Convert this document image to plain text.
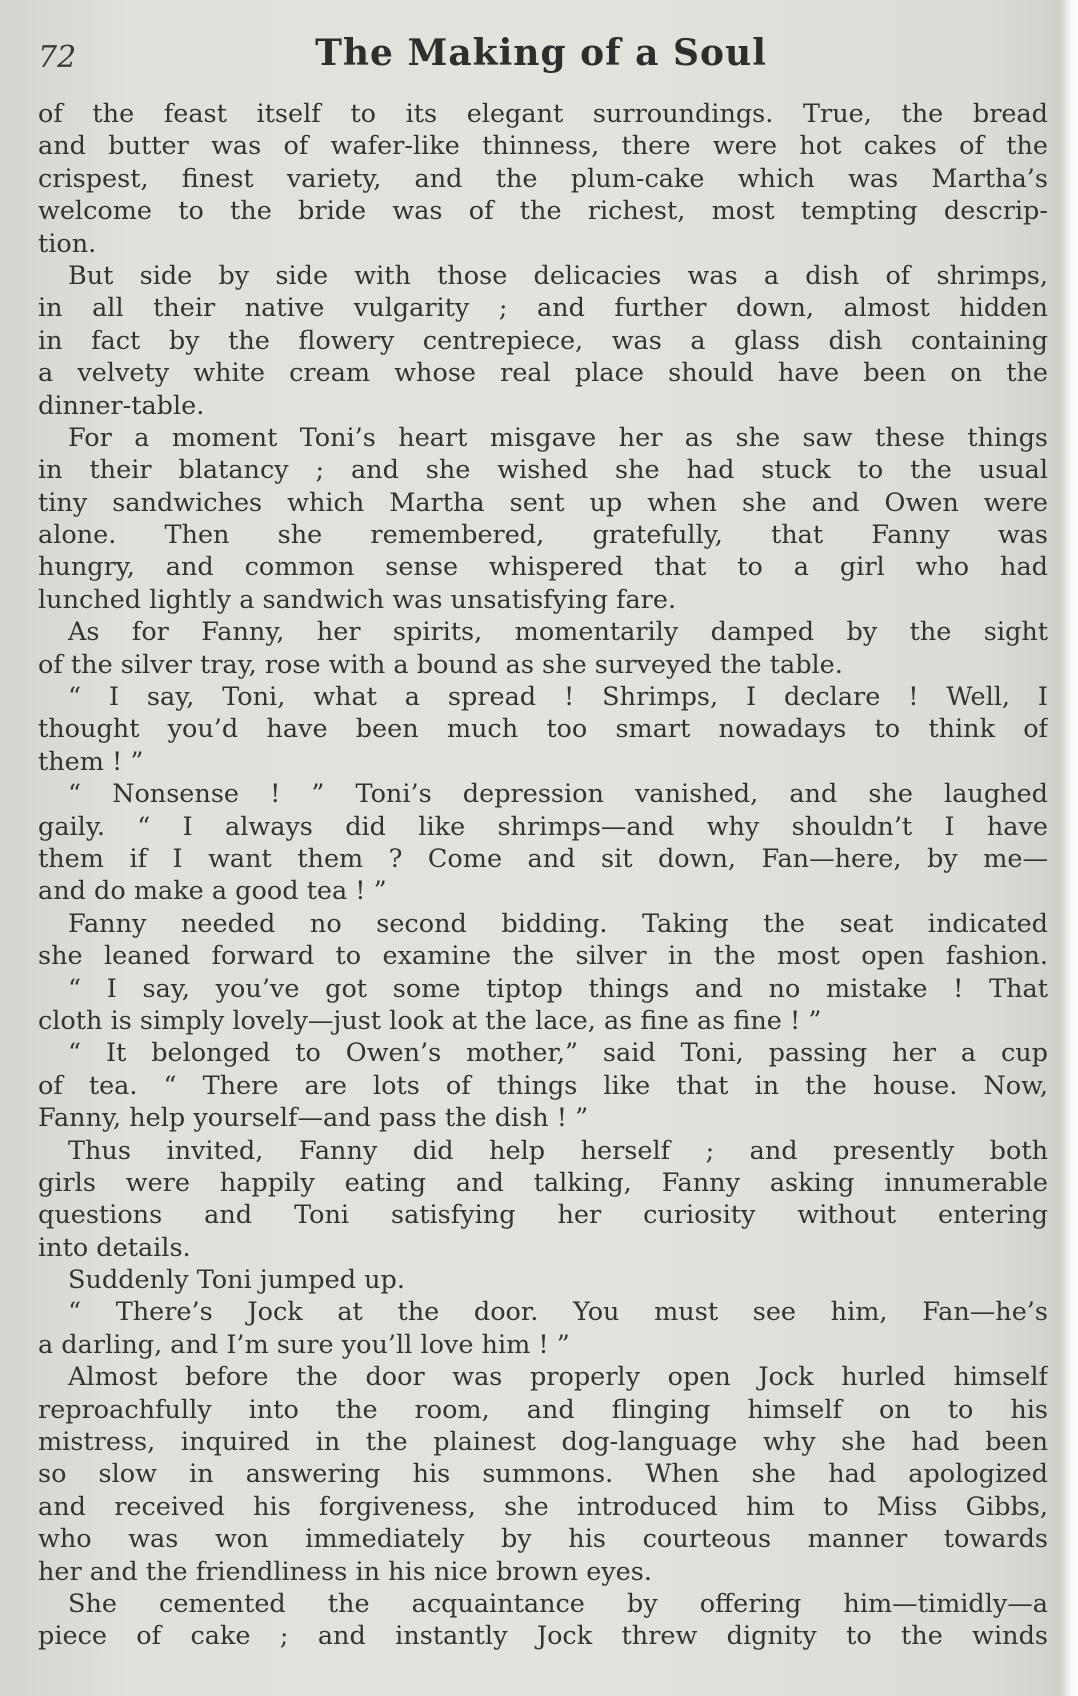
72	The Making of a Soul
of the feast itself to its elegant surroundings. True, the bread
and butter was of wafer-like thinness, there were hot cakes of the
crispest, finest variety, and the plum-cake which was Martha’s
welcome to the bride was of the richest, most tempting descrip-
tion.
But side by side with those delicacies was a dish of shrimps,
in all their native vulgarity ; and further down, almost hidden
in fact by the flowery centrepiece, was a glass dish containing
a velvety white cream whose real place should have been on the
dinner-table.
For a moment Toni’s heart misgave her as she saw these things
in their blatancy ; and she wished she had stuck to the usual
tiny sandwiches which Martha sent up when she and Owen were
alone. Then she remembered, gratefully, that Fanny was
hungry, and common sense whispered that to a girl who had
lunched lightly a sandwich was unsatisfying fare.
As for Fanny, her spirits, momentarily damped by the sight
of the silver tray, rose with a bound as she surveyed the table.
“ I say, Toni, what a spread ! Shrimps, I declare ! Well, I
thought you’d have been much too smart nowadays to think of
them ! ”
“ Nonsense ! ” Toni’s depression vanished, and she laughed
gaily. “ I always did like shrimps—and why shouldn’t I have
them if I want them ? Come and sit down, Fan—here, by me—
and do make a good tea ! ”
Fanny needed no second bidding. Taking the seat indicated
she leaned forward to examine the silver in the most open fashion.
“ I say, you’ve got some tiptop things and no mistake ! That
cloth is simply lovely—just look at the lace, as fine as fine ! ”
“ It belonged to Owen’s mother,” said Toni, passing her a cup
of tea. “ There are lots of things like that in the house. Now,
Fanny, help yourself—and pass the dish ! ”
Thus invited, Fanny did help herself ; and presently both
girls were happily eating and talking, Fanny asking innumerable
questions and Toni satisfying her curiosity without entering
into details.
Suddenly Toni jumped up.
“ There’s Jock at the door. You must see him, Fan—he’s
a darling, and I’m sure you’ll love him ! ”
Almost before the door was properly open Jock hurled himself
reproachfully into the room, and flinging himself on to his
mistress, inquired in the plainest dog-language why she had been
so slow in answering his summons. When she had apologized
and received his forgiveness, she introduced him to Miss Gibbs,
who was won immediately by his courteous manner towards
her and the friendliness in his nice brown eyes.
She cemented the acquaintance by offering him—timidly—a
piece of cake ; and instantly Jock threw dignity to the winds
